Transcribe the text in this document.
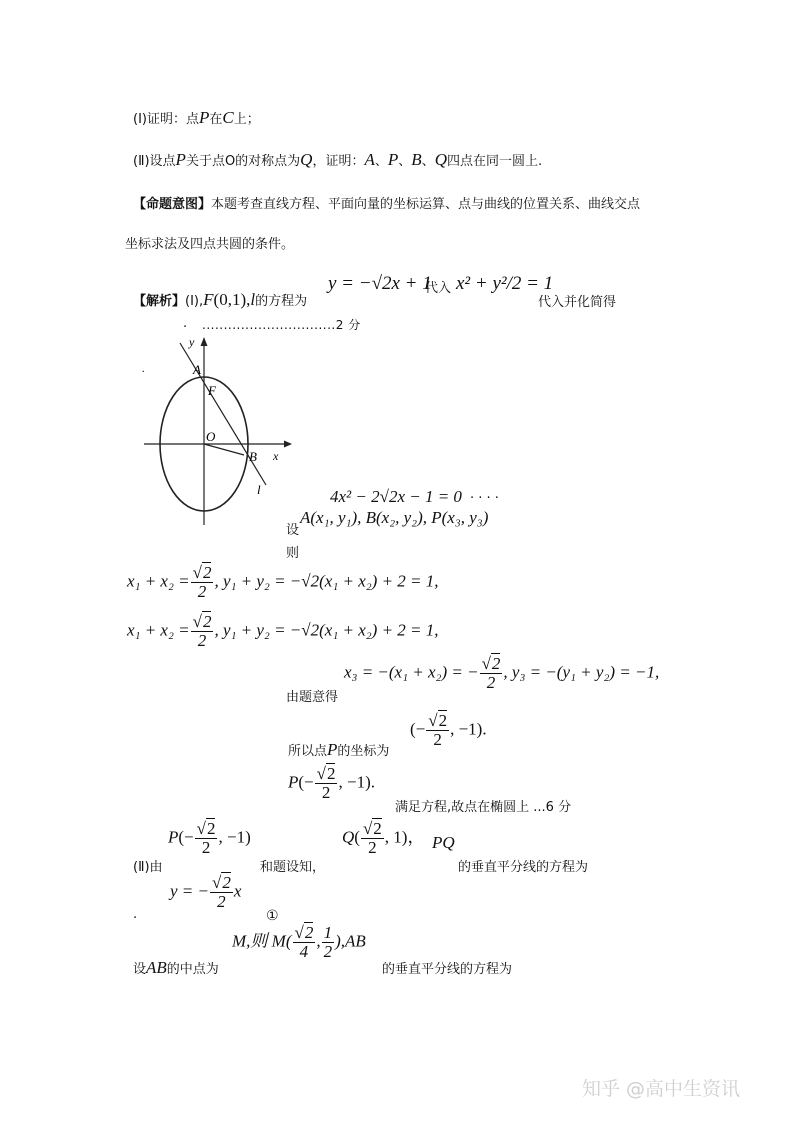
(Ⅰ)证明：点P在C上；
(Ⅱ)设点P关于点O的对称点为Q，证明：A、P、B、Q四点在同一圆上.
【命题意图】本题考查直线方程、平面向量的坐标运算、点与曲线的位置关系、曲线交点
坐标求法及四点共圆的条件。
【解析】(Ⅰ),F(0,1),l的方程为
y = −√2x + 1
代入 x² + y²/2 = 1
代入并化简得
. ...............................2 分
y
x
A
F
O
B
l
.
4x² − 2√2x − 1 = 0 . . . .
设
A(x₁, y₁), B(x₂, y₂), P(x₃, y₃)
则
x₁ + x₂ = √ $\frac{2}{2}$ , y₁ + y₂ = −√2(x₁ + x₂) + 2 = 1,
x₁ + x₂ = √ $\frac{2}{2}$ , y₁ + y₂ = −√2(x₁ + x₂) + 2 = 1,
由题意得
x₃ = −(x₁ + x₂) = − √ $\frac{2}{2}$ , y₃ = −(y₁ + y₂) = −1,
所以点P的坐标为
(− √ $\frac{2}{2}$ , −1).
P(− √ $\frac{2}{2}$ , −1).
满足方程,故点在椭圆上 ...6 分
(Ⅱ)由
P(− √ $\frac{2}{2}$ , −1)
和题设知，
Q( √ $\frac{2}{2}$ , 1)， PQ
的垂直平分线的方程为
y = − √ $\frac{2}{2}$ x
.	①
设AB的中点为
M,则 M( √ $\frac{2}{4}$ , $\frac{1}{2} ),AB$
的垂直平分线的方程为
知乎 @高中生资讯
